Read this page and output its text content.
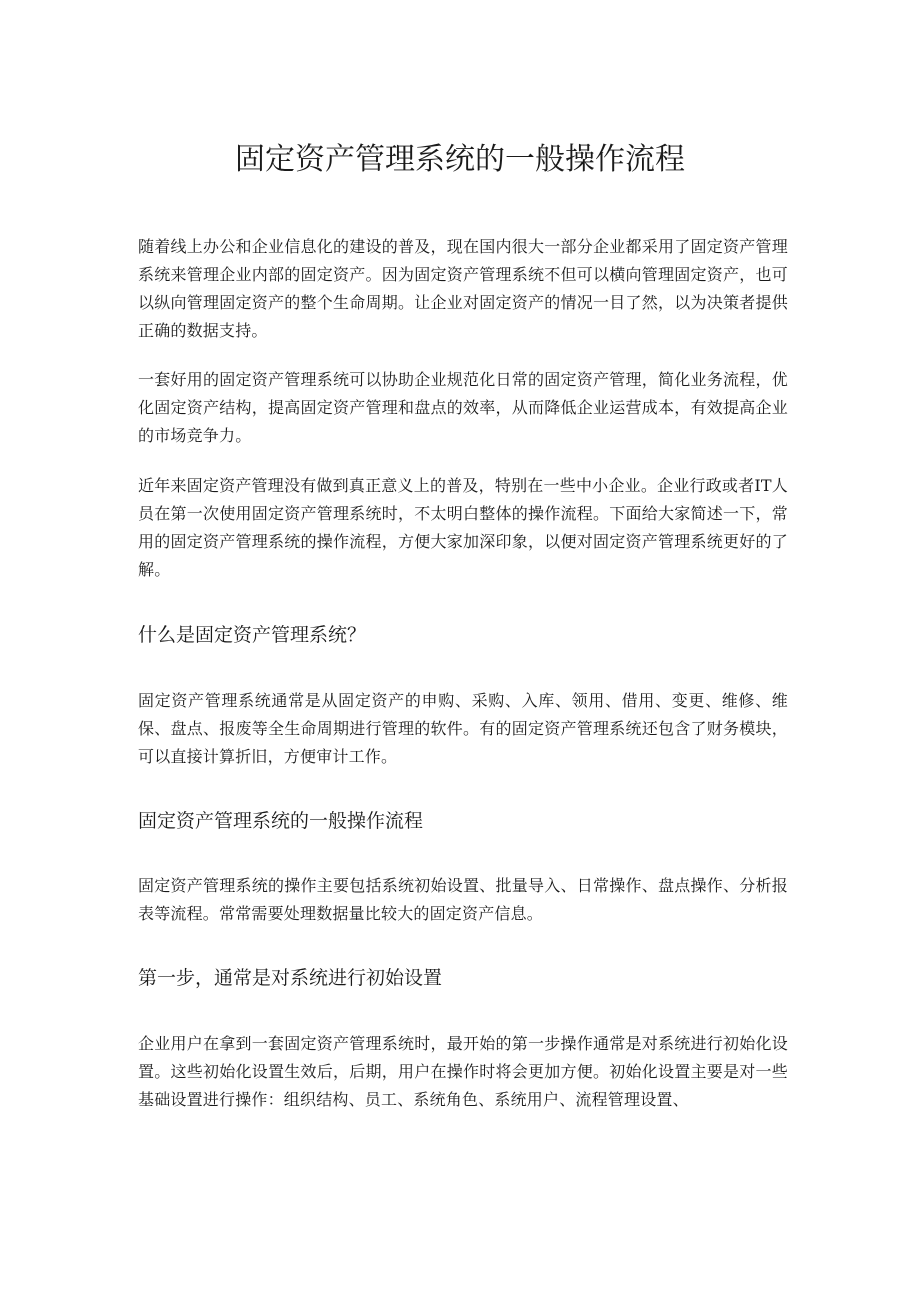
固定资产管理系统的一般操作流程

随着线上办公和企业信息化的建设的普及，现在国内很大一部分企业都采用了固定资产管理系统来管理企业内部的固定资产。因为固定资产管理系统不但可以横向管理固定资产，也可以纵向管理固定资产的整个生命周期。让企业对固定资产的情况一目了然，以为决策者提供正确的数据支持。

一套好用的固定资产管理系统可以协助企业规范化日常的固定资产管理，简化业务流程，优化固定资产结构，提高固定资产管理和盘点的效率，从而降低企业运营成本，有效提高企业的市场竞争力。

近年来固定资产管理没有做到真正意义上的普及，特别在一些中小企业。企业行政或者IT人员在第一次使用固定资产管理系统时，不太明白整体的操作流程。下面给大家简述一下，常用的固定资产管理系统的操作流程，方便大家加深印象，以便对固定资产管理系统更好的了解。

什么是固定资产管理系统？

固定资产管理系统通常是从固定资产的申购、采购、入库、领用、借用、变更、维修、维保、盘点、报废等全生命周期进行管理的软件。有的固定资产管理系统还包含了财务模块，可以直接计算折旧，方便审计工作。

固定资产管理系统的一般操作流程

固定资产管理系统的操作主要包括系统初始设置、批量导入、日常操作、盘点操作、分析报表等流程。常常需要处理数据量比较大的固定资产信息。

第一步，通常是对系统进行初始设置

企业用户在拿到一套固定资产管理系统时，最开始的第一步操作通常是对系统进行初始化设置。这些初始化设置生效后，后期，用户在操作时将会更加方便。初始化设置主要是对一些基础设置进行操作：组织结构、员工、系统角色、系统用户、流程管理设置、
